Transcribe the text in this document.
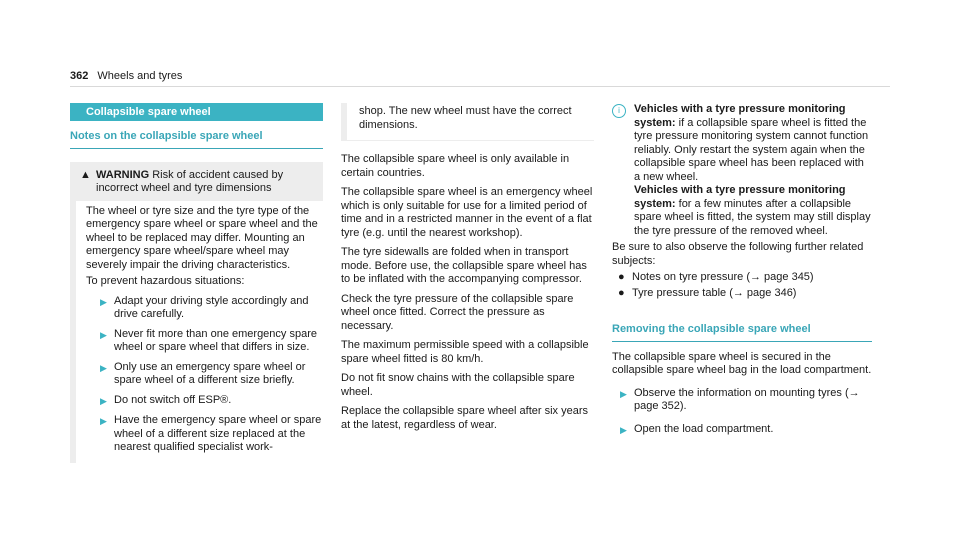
362 Wheels and tyres
Collapsible spare wheel
Notes on the collapsible spare wheel
▲ WARNING Risk of accident caused by incorrect wheel and tyre dimensions

The wheel or tyre size and the tyre type of the emergency spare wheel or spare wheel and the wheel to be replaced may differ. Mounting an emergency spare wheel/spare wheel may severely impair the driving characteristics.

To prevent hazardous situations:

▶ Adapt your driving style accordingly and drive carefully.
▶ Never fit more than one emergency spare wheel or spare wheel that differs in size.
▶ Only use an emergency spare wheel or spare wheel of a different size briefly.
▶ Do not switch off ESP®.
▶ Have the emergency spare wheel or spare wheel of a different size replaced at the nearest qualified specialist work-
shop. The new wheel must have the correct dimensions.

The collapsible spare wheel is only available in certain countries.

The collapsible spare wheel is an emergency wheel which is only suitable for use for a limited period of time and in a restricted manner in the event of a flat tyre (e.g. until the nearest workshop).

The tyre sidewalls are folded when in transport mode. Before use, the collapsible spare wheel has to be inflated with the accompanying compressor.

Check the tyre pressure of the collapsible spare wheel once fitted. Correct the pressure as necessary.

The maximum permissible speed with a collapsible spare wheel fitted is 80 km/h.

Do not fit snow chains with the collapsible spare wheel.

Replace the collapsible spare wheel after six years at the latest, regardless of wear.

i	Vehicles with a tyre pressure monitoring system: if a collapsible spare wheel is fitted the tyre pressure monitoring system cannot function reliably. Only restart the system again when the collapsible spare wheel has been replaced with a new wheel.
Vehicles with a tyre pressure monitoring system: for a few minutes after a collapsible spare wheel is fitted, the system may still display the tyre pressure of the removed wheel.

Be sure to also observe the following further related subjects:

● Notes on tyre pressure (→ page 345)
● Tyre pressure table (→ page 346)
Removing the collapsible spare wheel

The collapsible spare wheel is secured in the collapsible spare wheel bag in the load compartment.

▶ Observe the information on mounting tyres (→ page 352).
▶ Open the load compartment.
